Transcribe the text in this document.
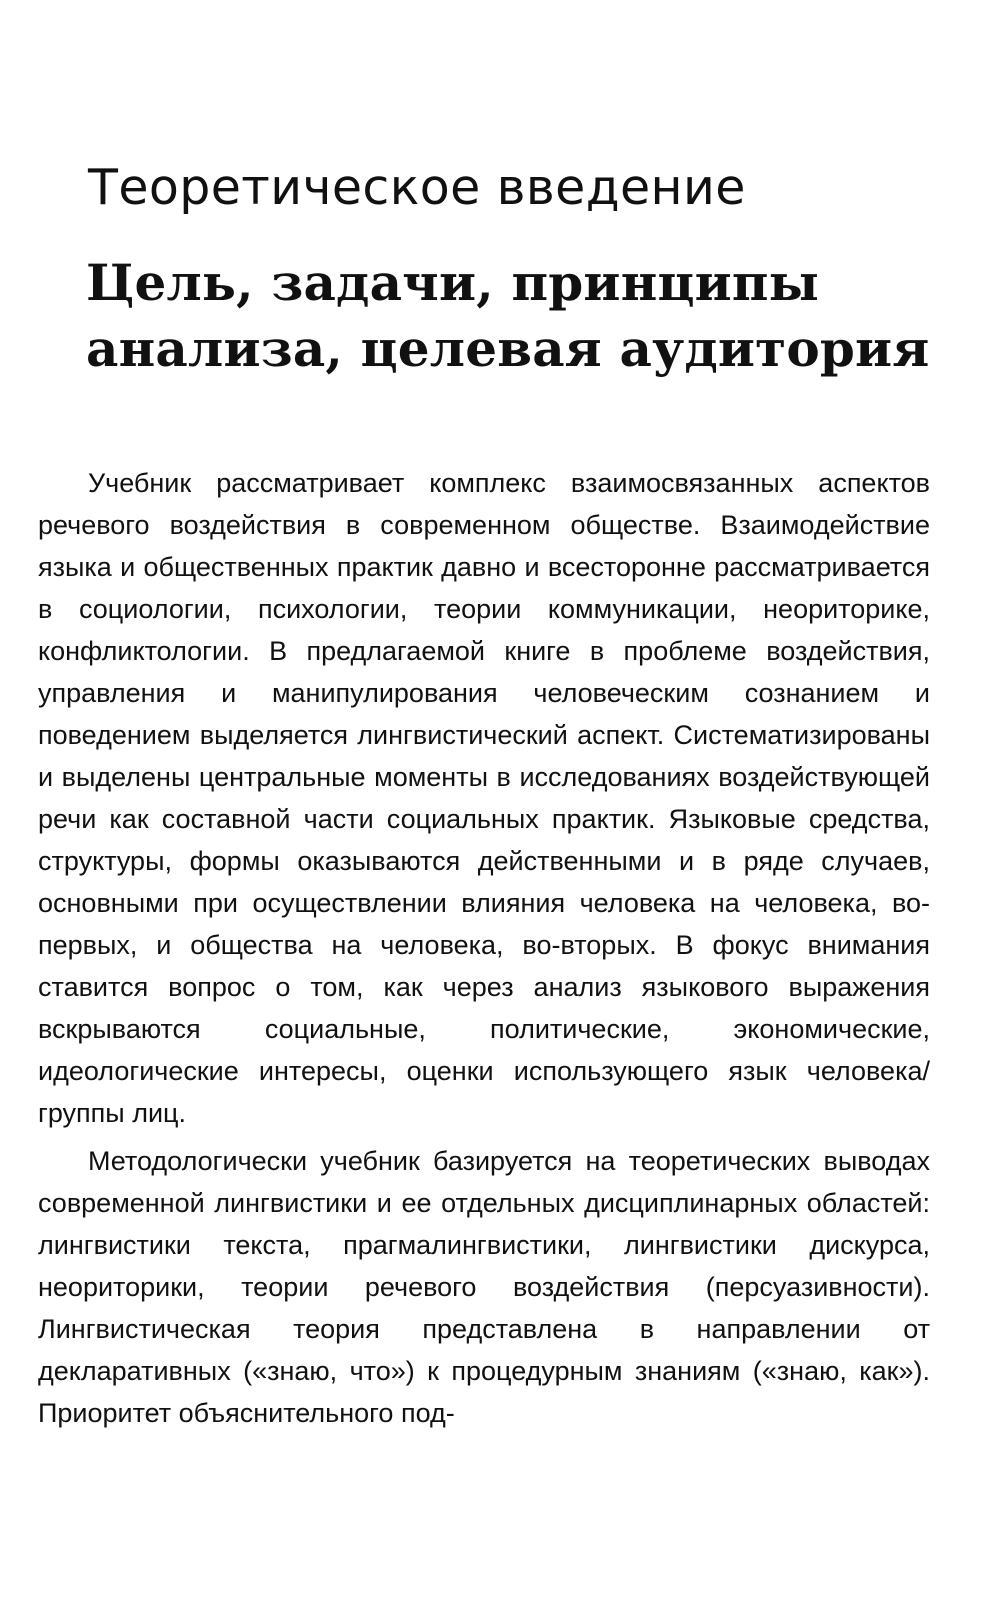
Теоретическое введение
Цель, задачи, принципы анализа, целевая аудитория

Учебник рассматривает комплекс взаимосвязанных аспектов речевого воздействия в современном обществе. Взаимодействие языка и общественных практик давно и всесторонне рассматривается в социологии, психологии, теории коммуникации, неориторике, конфликтологии. В предлагаемой книге в проблеме воздействия, управления и манипулирования человеческим сознанием и поведением выделяется лингвистический аспект. Систематизированы и выделены центральные моменты в исследованиях воздействующей речи как составной части социальных практик. Языковые средства, структуры, формы оказываются действенными и в ряде случаев, основными при осуществлении влияния человека на человека, во-первых, и общества на человека, во-вторых. В фокус внимания ставится вопрос о том, как через анализ языкового выражения вскрываются социальные, политические, экономические, идеологические интересы, оценки использующего язык человека/группы лиц.

Методологически учебник базируется на теоретических выводах современной лингвистики и ее отдельных дисциплинарных областей: лингвистики текста, прагмалингвистики, лингвистики дискурса, неориторики, теории речевого воздействия (персуазивности). Лингвистическая теория представлена в направлении от декларативных («знаю, что») к процедурным знаниям («знаю, как»). Приоритет объяснительного под-
